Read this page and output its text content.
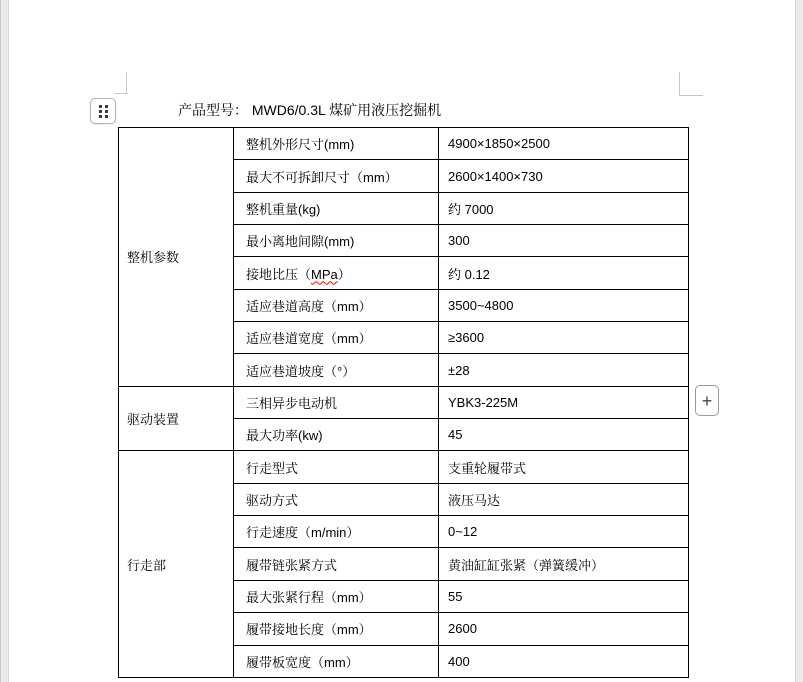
产品型号： MWD6/0.3L 煤矿用液压挖掘机
整机参数	整机外形尺寸(mm)	4900×1850×2500
	最大不可拆卸尺寸（mm）	2600×1400×730
	整机重量(kg)	约 7000
	最小离地间隙(mm)	300
	接地比压（MPa）	约 0.12
	适应巷道高度（mm）	3500~4800
	适应巷道宽度（mm）	≥3600
	适应巷道坡度（°）	±28
驱动装置	三相异步电动机	YBK3-225M
	最大功率(kw)	45
行走部	行走型式	支重轮履带式
	驱动方式	液压马达
	行走速度（m/min）	0~12
	履带链张紧方式	黄油缸缸张紧（弹簧缓冲）
	最大张紧行程（mm）	55
	履带接地长度（mm）	2600
	履带板宽度（mm）	400
+
